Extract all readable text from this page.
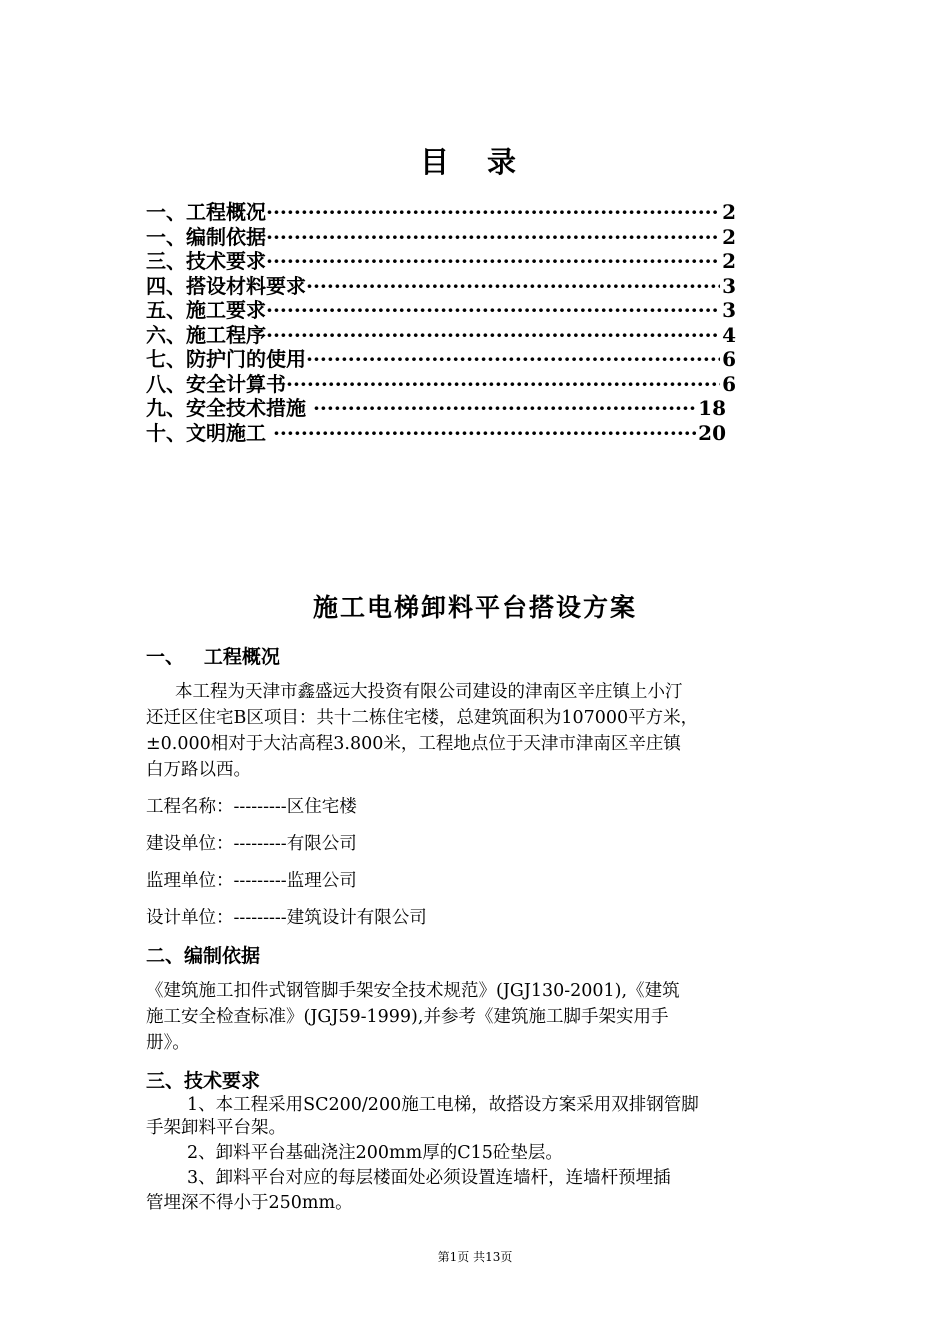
目 录
一、工程概况 ·····	2
一、编制依据 ·····	2
三、技术要求 ·····	2
四、搭设材料要求 ·····	3
五、施工要求 ·····	3
六、施工程序 ·····	4
七、防护门的使用 ·····	6
八、安全计算书 ·····	6
九、安全技术措施 ·····	18
十、文明施工 ·····	20
施工电梯卸料平台搭设方案
一、   工程概况
本工程为天津市鑫盛远大投资有限公司建设的津南区辛庄镇上小汀
还迁区住宅B区项目：共十二栋住宅楼，总建筑面积为107000平方米，
±0.000相对于大沽高程3.800米，工程地点位于天津市津南区辛庄镇
白万路以西。
工程名称：---------区住宅楼
建设单位：---------有限公司
监理单位：---------监理公司
设计单位：---------建筑设计有限公司
二、编制依据
《建筑施工扣件式钢管脚手架安全技术规范》(JGJ130-2001),《建筑
施工安全检查标准》(JGJ59-1999),并参考《建筑施工脚手架实用手
册》。
三、技术要求
1、本工程采用SC200/200施工电梯，故搭设方案采用双排钢管脚
手架卸料平台架。
2、卸料平台基础浇注200mm厚的C15砼垫层。
3、卸料平台对应的每层楼面处必须设置连墙杆，连墙杆预埋插
管埋深不得小于250mm。
第1页 共13页
